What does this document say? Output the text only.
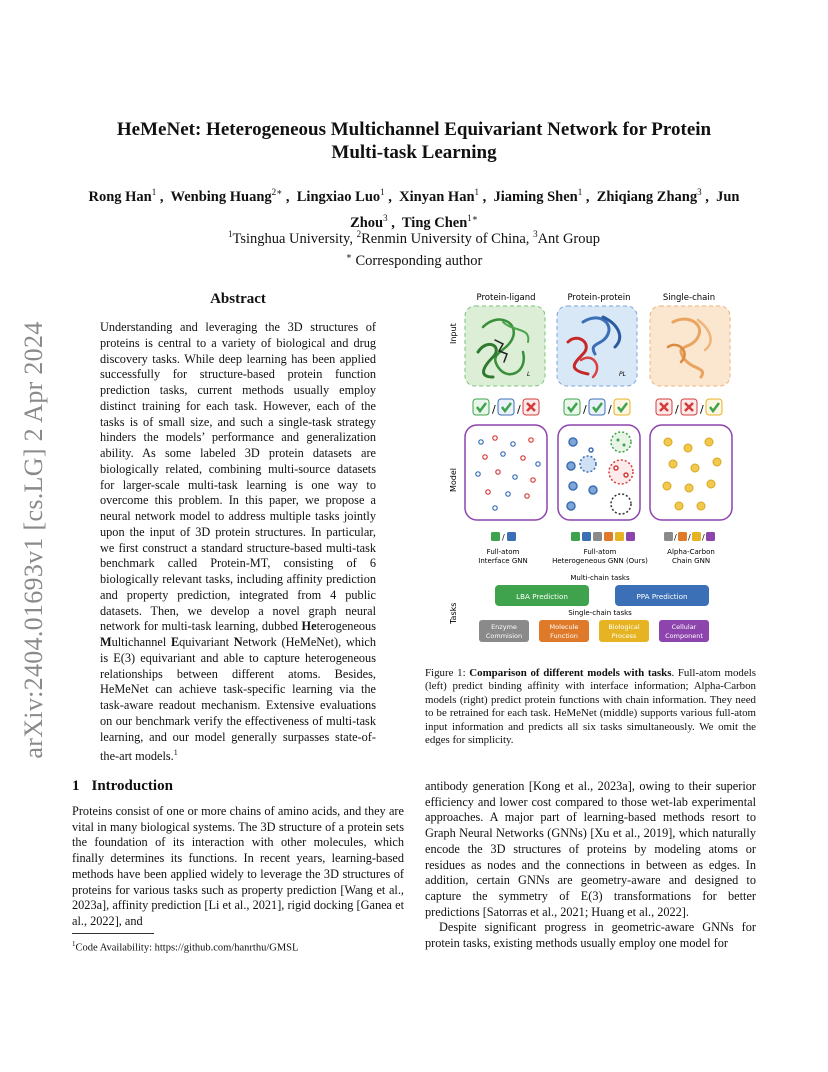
arXiv:2404.01693v1 [cs.LG] 2 Apr 2024
HeMeNet: Heterogeneous Multichannel Equivariant Network for Protein
Multi-task Learning
Rong Han$^1$ ,  Wenbing Huang$^{2∗}$ ,  Lingxiao Luo$^1$ ,  Xinyan Han$^1$ ,  Jiaming Shen$^1$ ,  Zhiqiang Zhang$^3$ ,  Jun Zhou$^3$ ,  Ting Chen$^{1∗}$
$^1$Tsinghua University, $^2$Renmin University of China, $^3$Ant Group
∗ Corresponding author
Abstract
Understanding and leveraging the 3D structures of proteins is central to a variety of biological and drug discovery tasks. While deep learning has been applied successfully for structure-based protein function prediction tasks, current methods usually employ distinct training for each task. However, each of the tasks is of small size, and such a single-task strategy hinders the models’ performance and generalization ability. As some labeled 3D protein datasets are biologically related, combining multi-source datasets for larger-scale multi-task learning is one way to overcome this problem. In this paper, we propose a neural network model to address multiple tasks jointly upon the input of 3D protein structures. In particular, we first construct a standard structure-based multi-task benchmark called Protein-MT, consisting of 6 biologically relevant tasks, including affinity prediction and property prediction, integrated from 4 public datasets. Then, we develop a novel graph neural network for multi-task learning, dubbed Heterogeneous Multichannel Equivariant Network (HeMeNet), which is E(3) equivariant and able to capture heterogeneous relationships between different atoms. Besides, HeMeNet can achieve task-specific learning via the task-aware readout mechanism. Extensive evaluations on our benchmark verify the effectiveness of multi-task learning, and our model generally surpasses state-of-the-art models.$^1$
Input
Model
Tasks
Protein-ligand	Protein-protein	Single-chain
L	PL
/ /	/ /	/ /
/	/ / /
Full-atom
Interface GNN
Full-atom
Heterogeneous GNN (Ours)
Alpha-Carbon
Chain GNN
Multi-chain tasks
LBA Prediction	PPA Prediction
Single-chain tasks
Enzyme
Commision
Molecule
Function
Biological
Process
Cellular
Component
Figure 1: Comparison of different models with tasks. Full-atom models (left) predict binding affinity with interface information; Alpha-Carbon models (right) predict protein functions with chain information. They need to be retrained for each task. HeMeNet (middle) supports various full-atom input information and predicts all six tasks simultaneously. We omit the edges for simplicity.
1 Introduction
Proteins consist of one or more chains of amino acids, and they are vital in many biological systems. The 3D structure of a protein sets the foundation of its interaction with other molecules, which finally determines its functions. In recent years, learning-based methods have been applied widely to leverage the 3D structures of proteins for various tasks such as property prediction [Wang et al., 2023a], affinity prediction [Li et al., 2021], rigid docking [Ganea et al., 2022], and

antibody generation [Kong et al., 2023a], owing to their superior efficiency and lower cost compared to those wet-lab experimental approaches. A major part of learning-based methods resort to Graph Neural Networks (GNNs) [Xu et al., 2019], which naturally encode the 3D structures of proteins by modeling atoms or residues as nodes and the connections in between as edges. In addition, certain GNNs are geometry-aware and designed to capture the symmetry of E(3) transformations for better predictions [Satorras et al., 2021; Huang et al., 2022].

Despite significant progress in geometric-aware GNNs for protein tasks, existing methods usually employ one model for

$^1$Code Availability: https://github.com/hanrthu/GMSL
